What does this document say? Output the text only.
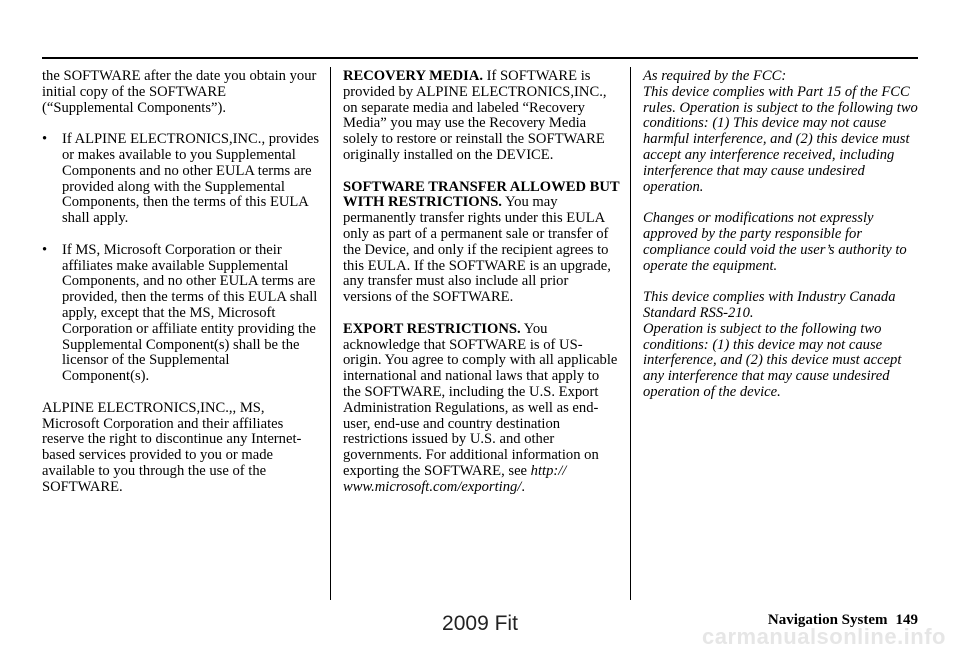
the SOFTWARE after the date you obtain your initial copy of the SOFTWARE (“Supplemental Components”).

• If ALPINE ELECTRONICS,INC., provides or makes available to you Supplemental Components and no other EULA terms are provided along with the Supplemental Components, then the terms of this EULA shall apply.

• If MS, Microsoft Corporation or their affiliates make available Supplemental Components, and no other EULA terms are provided, then the terms of this EULA shall apply, except that the MS, Microsoft Corporation or affiliate entity providing the Supplemental Component(s) shall be the licensor of the Supplemental Component(s).

ALPINE ELECTRONICS,INC.,, MS, Microsoft Corporation and their affiliates reserve the right to discontinue any Internet-based services provided to you or made available to you through the use of the SOFTWARE.

RECOVERY MEDIA. If SOFTWARE is provided by ALPINE ELECTRONICS,INC., on separate media and labeled “Recovery Media” you may use the Recovery Media solely to restore or reinstall the SOFTWARE originally installed on the DEVICE.

SOFTWARE TRANSFER ALLOWED BUT WITH RESTRICTIONS. You may permanently transfer rights under this EULA only as part of a permanent sale or transfer of the Device, and only if the recipient agrees to this EULA. If the SOFTWARE is an upgrade, any transfer must also include all prior versions of the SOFTWARE.

EXPORT RESTRICTIONS. You acknowledge that SOFTWARE is of US-origin. You agree to comply with all applicable international and national laws that apply to the SOFTWARE, including the U.S. Export Administration Regulations, as well as end-user, end-use and country destination restrictions issued by U.S. and other governments. For additional information on exporting the SOFTWARE, see http:// www.microsoft.com/exporting/.

As required by the FCC:

This device complies with Part 15 of the FCC rules. Operation is subject to the following two conditions: (1) This device may not cause harmful interference, and (2) this device must accept any interference received, including interference that may cause undesired operation.

Changes or modifications not expressly approved by the party responsible for compliance could void the user’s authority to operate the equipment.

This device complies with Industry Canada Standard RSS-210.

Operation is subject to the following two conditions: (1) this device may not cause interference, and (2) this device must accept any interference that may cause undesired operation of the device.

Navigation System 149
2009 Fit
carmanualsonline.info
